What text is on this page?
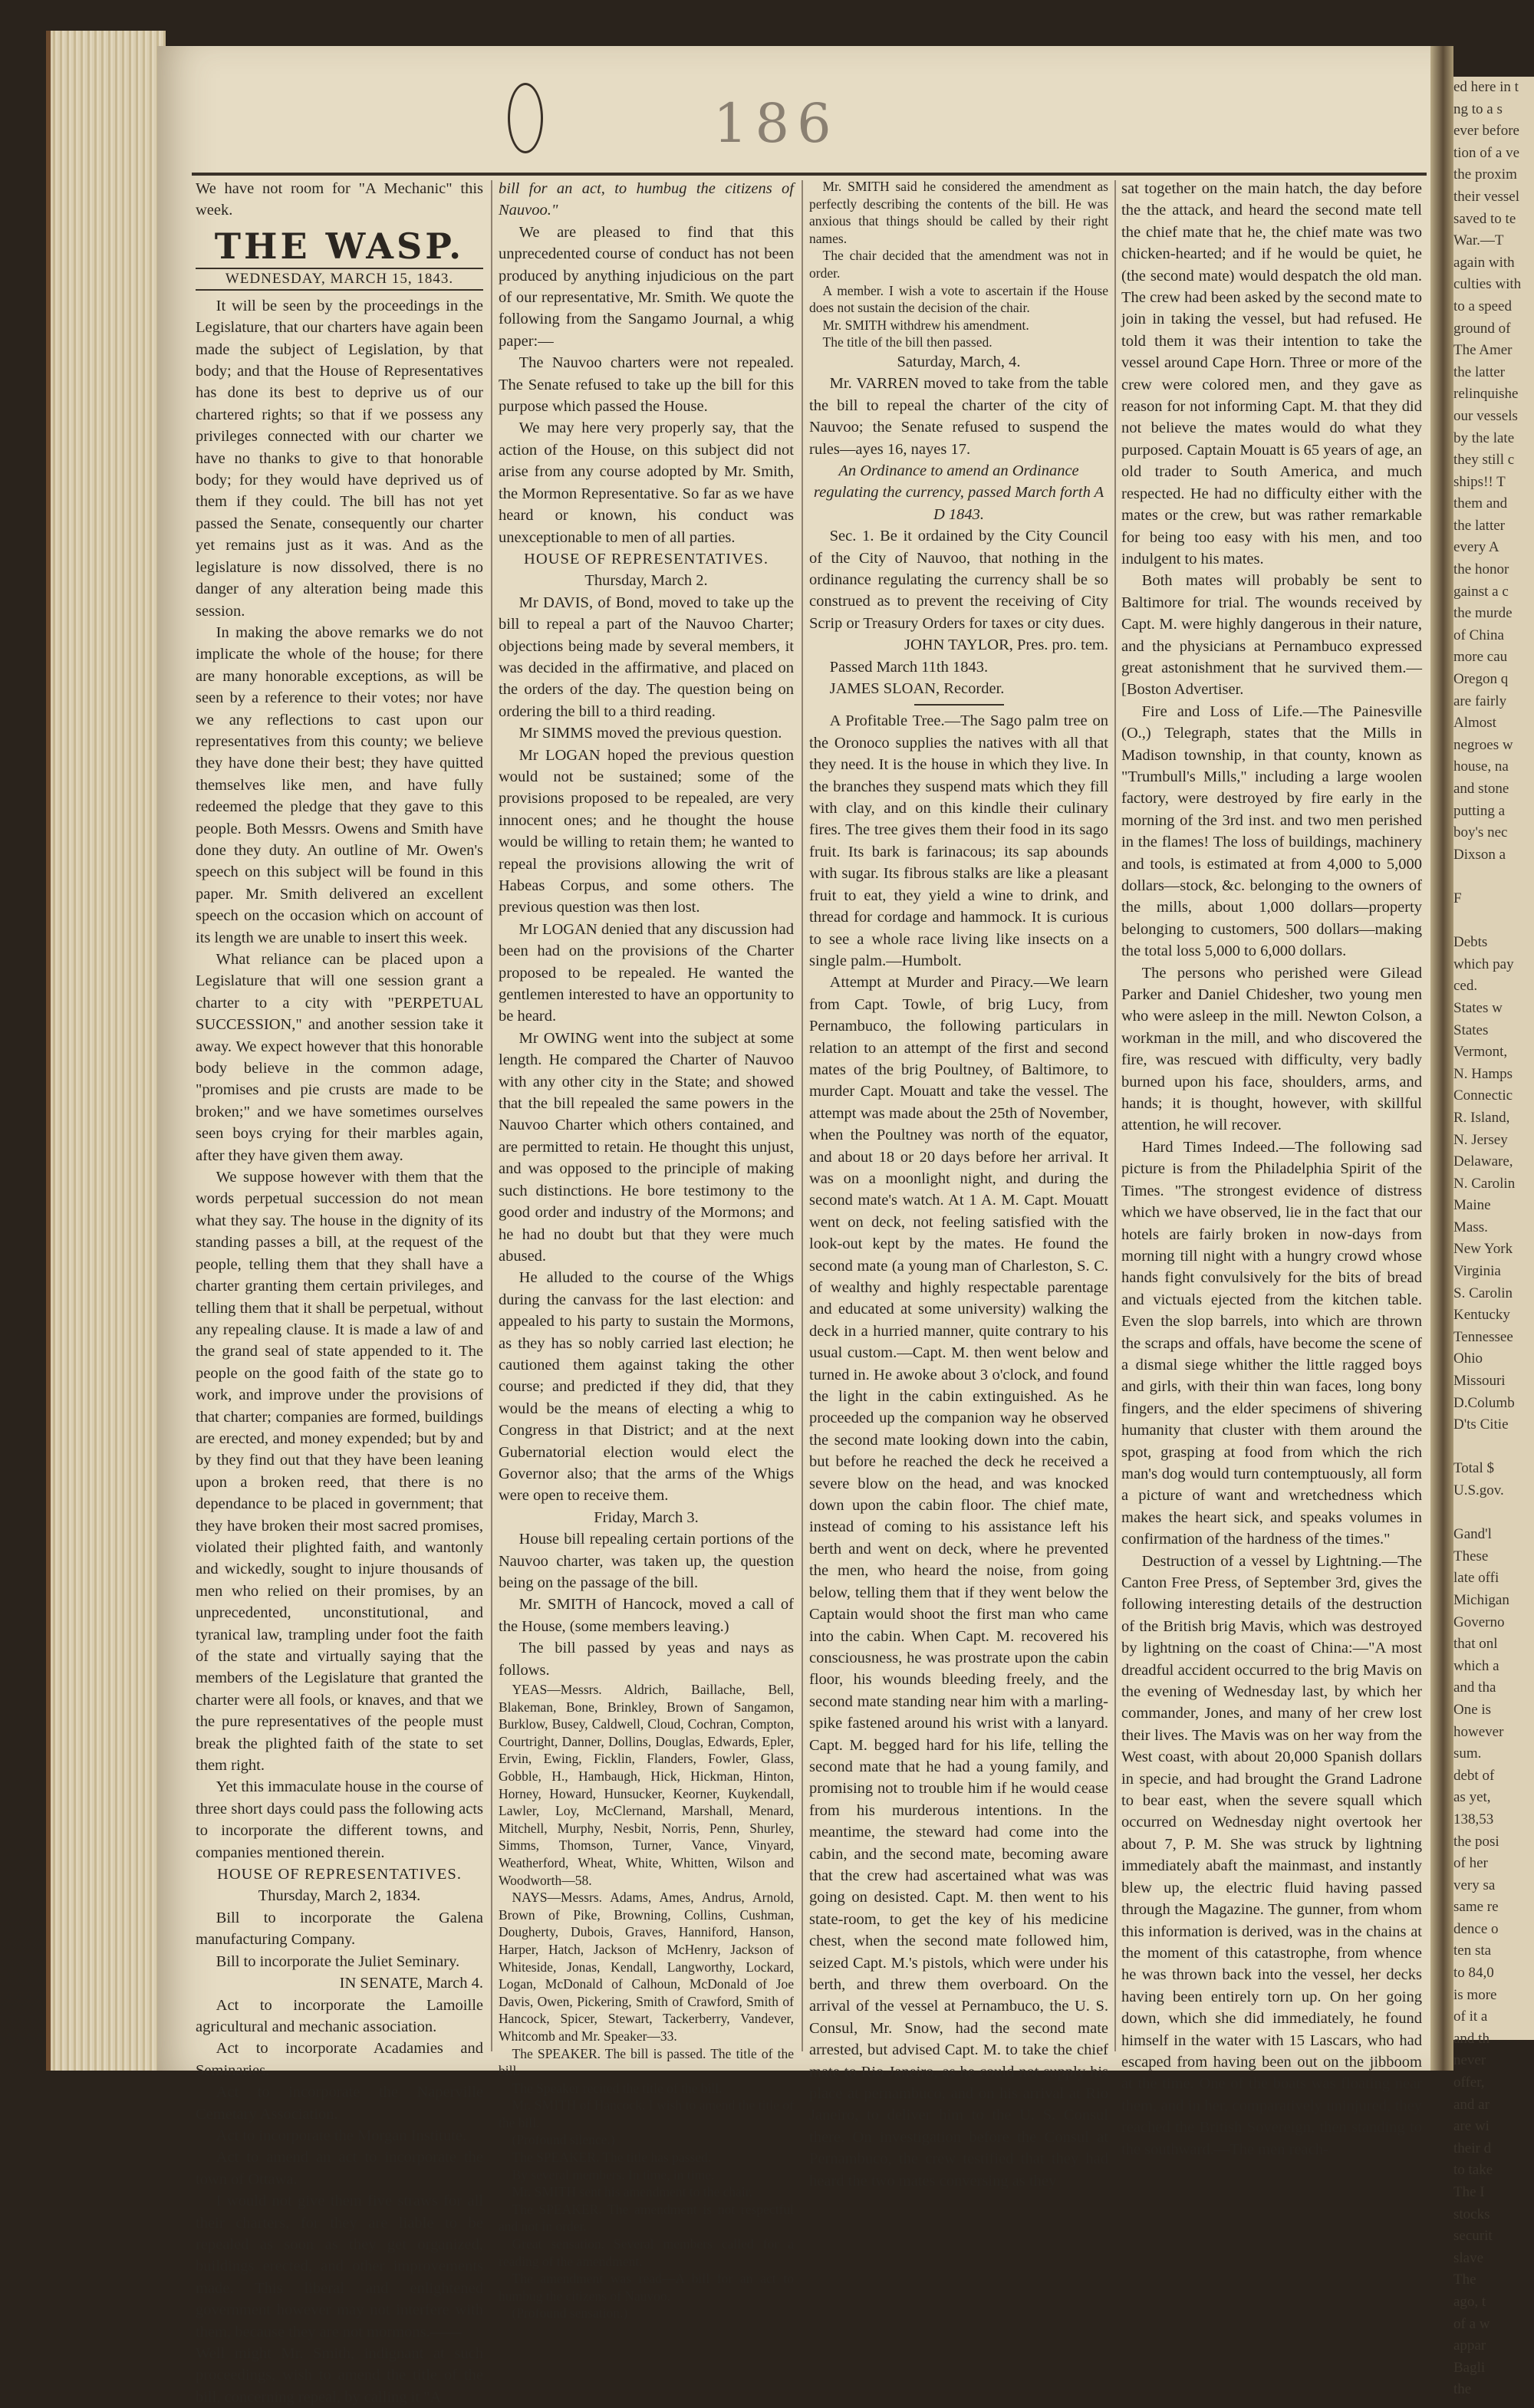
ed here in t
ng to a s
ever before
tion of a ve
the proxim
their vessel
saved to te
War.—T
again with
culties with
to a speed
ground of
The Amer
the latter
relinquishe
our vessels
by the late
they still c
ships!! T
them and
the latter
every A
the honor
gainst a c
the murde
of China
more cau
Oregon q
are fairly
Almost
negroes w
house, na
and stone
putting a
boy's nec
Dixson a

F

Debts
which pay
ced.
States w
States
Vermont,
N. Hamps
Connectic
R. Island,
N. Jersey
Delaware,
N. Carolin
Maine
Mass.
New York
Virginia
S. Carolin
Kentucky
Tennessee
Ohio
Missouri
D.Columb
D'ts Citie

Total $
U.S.gov.

Gand'l
These
late offi
Michigan
Governo
that onl
which a
and tha
One is
however
sum.
debt of
as yet,
138,53
the posi
of her
very sa
same re
dence o
ten sta
to 84,0
is more
of it a
and th
never
offer,
and ar
are wi
their d
to take
The I
stocks
securit
slave
The
ago, t
of a w
appar
Bagli
the
186

We have not room for "A Mechanic" this week.

THE WASP.
WEDNESDAY, MARCH 15, 1843.

It will be seen by the proceedings in the Legislature, that our charters have again been made the subject of Legislation, by that body; and that the House of Representatives has done its best to deprive us of our chartered rights; so that if we possess any privileges connected with our charter we have no thanks to give to that honorable body; for they would have deprived us of them if they could. The bill has not yet passed the Senate, consequently our charter yet remains just as it was. And as the legislature is now dissolved, there is no danger of any alteration being made this session.

In making the above remarks we do not implicate the whole of the house; for there are many honorable exceptions, as will be seen by a reference to their votes; nor have we any reflections to cast upon our representatives from this county; we believe they have done their best; they have quitted themselves like men, and have fully redeemed the pledge that they gave to this people. Both Messrs. Owens and Smith have done they duty. An outline of Mr. Owen's speech on this subject will be found in this paper. Mr. Smith delivered an excellent speech on the occasion which on account of its length we are unable to insert this week.

What reliance can be placed upon a Legislature that will one session grant a charter to a city with "PERPETUAL SUCCESSION," and another session take it away. We expect however that this honorable body believe in the common adage, "promises and pie crusts are made to be broken;" and we have sometimes ourselves seen boys crying for their marbles again, after they have given them away.

We suppose however with them that the words perpetual succession do not mean what they say. The house in the dignity of its standing passes a bill, at the request of the people, telling them that they shall have a charter granting them certain privileges, and telling them that it shall be perpetual, without any repealing clause. It is made a law of and the grand seal of state appended to it. The people on the good faith of the state go to work, and improve under the provisions of that charter; companies are formed, buildings are erected, and money expended; but by and by they find out that they have been leaning upon a broken reed, that there is no dependance to be placed in government; that they have broken their most sacred promises, violated their plighted faith, and wantonly and wickedly, sought to injure thousands of men who relied on their promises, by an unprecedented, unconstitutional, and tyranical law, trampling under foot the faith of the state and virtually saying that the members of the Legislature that granted the charter were all fools, or knaves, and that we the pure representatives of the people must break the plighted faith of the state to set them right.

Yet this immaculate house in the course of three short days could pass the following acts to incorporate the different towns, and companies mentioned therein.

HOUSE OF REPRESENTATIVES.

Thursday, March 2, 1834.

Bill to incorporate the Galena manufacturing Company.

Bill to incorporate the Juliet Seminary.

IN SENATE, March 4.

Act to incorporate the Lamoille agricultural and mechanic association.

Act to incorporate Acadamies and Seminaries.

Act to incorporate the Naperville Cemetary Association.

Act to incorporate the Morgan Institute.

Act to amend an act to incorporate the town of Ottawa.

I would not give them five straws for all their charters, for they are liable to be repealed as soon as they get organized, buildings erected, and other improvements made. This liberal and enlightened government however may not interfere with them, because they are not mormons.——

Well might Mr. Smith, indignant at such proceedings, wish to amend the title of the bill, concerning repeal, by calling it "A

bill for an act, to humbug the citizens of Nauvoo."

We are pleased to find that this unprecedented course of conduct has not been produced by anything injudicious on the part of our representative, Mr. Smith. We quote the following from the Sangamo Journal, a whig paper:—

The Nauvoo charters were not repealed. The Senate refused to take up the bill for this purpose which passed the House.

We may here very properly say, that the action of the House, on this subject did not arise from any course adopted by Mr. Smith, the Mormon Representative. So far as we have heard or known, his conduct was unexceptionable to men of all parties.

HOUSE OF REPRESENTATIVES.

Thursday, March 2.

Mr DAVIS, of Bond, moved to take up the bill to repeal a part of the Nauvoo Charter; objections being made by several members, it was decided in the affirmative, and placed on the orders of the day. The question being on ordering the bill to a third reading.

Mr SIMMS moved the previous question.

Mr LOGAN hoped the previous question would not be sustained; some of the provisions proposed to be repealed, are very innocent ones; and he thought the house would be willing to retain them; he wanted to repeal the provisions allowing the writ of Habeas Corpus, and some others. The previous question was then lost.

Mr LOGAN denied that any discussion had been had on the provisions of the Charter proposed to be repealed. He wanted the gentlemen interested to have an opportunity to be heard.

Mr OWING went into the subject at some length. He compared the Charter of Nauvoo with any other city in the State; and showed that the bill repealed the same powers in the Nauvoo Charter which others contained, and are permitted to retain. He thought this unjust, and was opposed to the principle of making such distinctions. He bore testimony to the good order and industry of the Mormons; and he had no doubt but that they were much abused.

He alluded to the course of the Whigs during the canvass for the last election: and appealed to his party to sustain the Mormons, as they has so nobly carried last election; he cautioned them against taking the other course; and predicted if they did, that they would be the means of electing a whig to Congress in that District; and at the next Gubernatorial election would elect the Governor also; that the arms of the Whigs were open to receive them.

Friday, March 3.

House bill repealing certain portions of the Nauvoo charter, was taken up, the question being on the passage of the bill.

Mr. SMITH of Hancock, moved a call of the House, (some members leaving.)

The bill passed by yeas and nays as follows.

YEAS—Messrs. Aldrich, Baillache, Bell, Blakeman, Bone, Brinkley, Brown of Sangamon, Burklow, Busey, Caldwell, Cloud, Cochran, Compton, Courtright, Danner, Dollins, Douglas, Edwards, Epler, Ervin, Ewing, Ficklin, Flanders, Fowler, Glass, Gobble, H., Hambaugh, Hick, Hickman, Hinton, Horney, Howard, Hunsucker, Keorner, Kuykendall, Lawler, Loy, McClernand, Marshall, Menard, Mitchell, Murphy, Nesbit, Norris, Penn, Shurley, Simms, Thomson, Turner, Vance, Vinyard, Weatherford, Wheat, White, Whitten, Wilson and Woodworth—58.

NAYS—Messrs. Adams, Ames, Andrus, Arnold, Brown of Pike, Browning, Collins, Cushman, Dougherty, Dubois, Graves, Hanniford, Hanson, Harper, Hatch, Jackson of McHenry, Jackson of Whiteside, Jonas, Kendall, Langworthy, Lockard, Logan, McDonald of Calhoun, McDonald of Joe Davis, Owen, Pickering, Smith of Crawford, Smith of Hancock, Spicer, Stewart, Tackerberry, Vandever, Whitcomb and Mr. Speaker—33.

The SPEAKER. The bill is passed. The title of the bill.

The Speaker recited the title of the bill.

Mr. SMITH of Hancock. I wish to amend the title of the bill.

(Profound silence.)

The SPEAKER. The title has passed.

By several members. In time, in time.

Mr. SMITH sent his amendment to the chair.

The SPEAKER. The amendment is not respectful and not in order.

Great sensation. Several members called for a reading of the amendment.

The amendment was read—A bill for an act to humbug the citizens of Nauvoo.

(Profound sensation.)

Mr. SMITH said he considered the amendment as perfectly describing the contents of the bill. He was anxious that things should be called by their right names.

The chair decided that the amendment was not in order.

A member. I wish a vote to ascertain if the House does not sustain the decision of the chair.

Mr. SMITH withdrew his amendment.

The title of the bill then passed.

Saturday, March, 4.

Mr. VARREN moved to take from the table the bill to repeal the charter of the city of Nauvoo; the Senate refused to suspend the rules—ayes 16, nayes 17.

An Ordinance to amend an Ordinance regulating the currency, passed March forth A D 1843.

Sec. 1. Be it ordained by the City Council of the City of Nauvoo, that nothing in the ordinance regulating the currency shall be so construed as to prevent the receiving of City Scrip or Treasury Orders for taxes or city dues.

JOHN TAYLOR, Pres. pro. tem.

Passed March 11th 1843.

JAMES SLOAN, Recorder.

A Profitable Tree.—The Sago palm tree on the Oronoco supplies the natives with all that they need. It is the house in which they live. In the branches they suspend mats which they fill with clay, and on this kindle their culinary fires. The tree gives them their food in its sago fruit. Its bark is farinacous; its sap abounds with sugar. Its fibrous stalks are like a pleasant fruit to eat, they yield a wine to drink, and thread for cordage and hammock. It is curious to see a whole race living like insects on a single palm.—Humbolt.

Attempt at Murder and Piracy.—We learn from Capt. Towle, of brig Lucy, from Pernambuco, the following particulars in relation to an attempt of the first and second mates of the brig Poultney, of Baltimore, to murder Capt. Mouatt and take the vessel. The attempt was made about the 25th of November, when the Poultney was north of the equator, and about 18 or 20 days before her arrival. It was on a moonlight night, and during the second mate's watch. At 1 A. M. Capt. Mouatt went on deck, not feeling satisfied with the look-out kept by the mates. He found the second mate (a young man of Charleston, S. C. of wealthy and highly respectable parentage and educated at some university) walking the deck in a hurried manner, quite contrary to his usual custom.—Capt. M. then went below and turned in. He awoke about 3 o'clock, and found the light in the cabin extinguished. As he proceeded up the companion way he observed the second mate looking down into the cabin, but before he reached the deck he received a severe blow on the head, and was knocked down upon the cabin floor. The chief mate, instead of coming to his assistance left his berth and went on deck, where he prevented the men, who heard the noise, from going below, telling them that if they went below the Captain would shoot the first man who came into the cabin. When Capt. M. recovered his consciousness, he was prostrate upon the cabin floor, his wounds bleeding freely, and the second mate standing near him with a marling-spike fastened around his wrist with a lanyard. Capt. M. begged hard for his life, telling the second mate that he had a young family, and promising not to trouble him if he would cease from his murderous intentions. In the meantime, the steward had come into the cabin, and the second mate, becoming aware that the crew had ascertained what was was going on desisted. Capt. M. then went to his state-room, to get the key of his medicine chest, when the second mate followed him, seized Capt. M.'s pistols, which were under his berth, and threw them overboard. On the arrival of the vessel at Pernambuco, the U. S. Consul, Mr. Snow, had the second mate arrested, but advised Capt. M. to take the chief mate to Rio Janeiro, as he could not supply his place at pernambuco, and on his arrival at Rio Janeiro, to deliver him to the U. S. Consul there. On investigation before the Consul at Pernambuco, the crew testified that they had heard the two mates conversing as they

sat together on the main hatch, the day before the the attack, and heard the second mate tell the chief mate that he, the chief mate was two chicken-hearted; and if he would be quiet, he (the second mate) would despatch the old man. The crew had been asked by the second mate to join in taking the vessel, but had refused. He told them it was their intention to take the vessel around Cape Horn. Three or more of the crew were colored men, and they gave as reason for not informing Capt. M. that they did not believe the mates would do what they purposed. Captain Mouatt is 65 years of age, an old trader to South America, and much respected. He had no difficulty either with the mates or the crew, but was rather remarkable for being too easy with his men, and too indulgent to his mates.

Both mates will probably be sent to Baltimore for trial. The wounds received by Capt. M. were highly dangerous in their nature, and the physicians at Pernambuco expressed great astonishment that he survived them.—[Boston Advertiser.

Fire and Loss of Life.—The Painesville (O.,) Telegraph, states that the Mills in Madison township, in that county, known as "Trumbull's Mills," including a large woolen factory, were destroyed by fire early in the morning of the 3rd inst. and two men perished in the flames! The loss of buildings, machinery and tools, is estimated at from 4,000 to 5,000 dollars—stock, &c. belonging to the owners of the mills, about 1,000 dollars—property belonging to customers, 500 dollars—making the total loss 5,000 to 6,000 dollars.

The persons who perished were Gilead Parker and Daniel Chidesher, two young men who were asleep in the mill. Newton Colson, a workman in the mill, and who discovered the fire, was rescued with difficulty, very badly burned upon his face, shoulders, arms, and hands; it is thought, however, with skillful attention, he will recover.

Hard Times Indeed.—The following sad picture is from the Philadelphia Spirit of the Times. "The strongest evidence of distress which we have observed, lie in the fact that our hotels are fairly broken in now-days from morning till night with a hungry crowd whose hands fight convulsively for the bits of bread and victuals ejected from the kitchen table. Even the slop barrels, into which are thrown the scraps and offals, have become the scene of a dismal siege whither the little ragged boys and girls, with their thin wan faces, long bony fingers, and the elder specimens of shivering humanity that cluster with them around the spot, grasping at food from which the rich man's dog would turn contemptuously, all form a picture of want and wretchedness which makes the heart sick, and speaks volumes in confirmation of the hardness of the times."

Destruction of a vessel by Lightning.—The Canton Free Press, of September 3rd, gives the following interesting details of the destruction of the British brig Mavis, which was destroyed by lightning on the coast of China:—"A most dreadful accident occurred to the brig Mavis on the evening of Wednesday last, by which her commander, Jones, and many of her crew lost their lives. The Mavis was on her way from the West coast, with about 20,000 Spanish dollars in specie, and had brought the Grand Ladrone to bear east, when the severe squall which occurred on Wednesday night overtook her about 7, P. M. She was struck by lightning immediately abaft the mainmast, and instantly blew up, the electric fluid having passed through the Magazine. The gunner, from whom this information is derived, was in the chains at the moment of this catastrophe, from whence he was thrown back into the vessel, her decks having been entirely torn up. On her going down, which she did immediately, he found himself in the water with 15 Lascars, who had escaped from having been out on the jibboom at the time. One of the boats was floating near them, and in her, comparatively uninjured, they reached the British Sovereign, then standing to the southward.—The men reach-
